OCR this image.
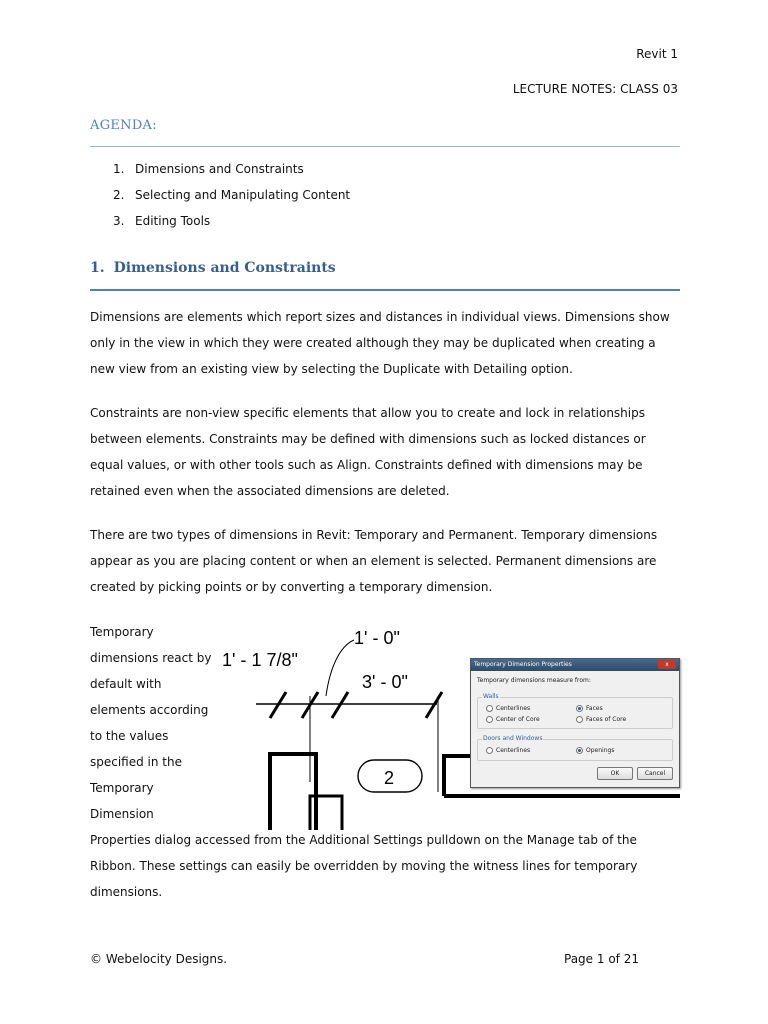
Revit 1
LECTURE NOTES: CLASS 03
AGENDA:
1. Dimensions and Constraints
2. Selecting and Manipulating Content
3. Editing Tools
1. Dimensions and Constraints

Dimensions are elements which report sizes and distances in individual views. Dimensions show only in the view in which they were created although they may be duplicated when creating a new view from an existing view by selecting the Duplicate with Detailing option.

Constraints are non-view specific elements that allow you to create and lock in relationships between elements. Constraints may be defined with dimensions such as locked distances or equal values, or with other tools such as Align. Constraints defined with dimensions may be retained even when the associated dimensions are deleted.

There are two types of dimensions in Revit: Temporary and Permanent. Temporary dimensions appear as you are placing content or when an element is selected. Permanent dimensions are created by picking points or by converting a temporary dimension.

Temporary dimensions react by default with elements according to the values specified in the Temporary Dimension

1' - 1 7/8"
1' - 0"
3' - 0"
2
Temporary Dimension Properties	x
Temporary dimensions measure from:
Walls
Centerlines	Faces
Center of Core	Faces of Core
Doors and Windows
Centerlines	Openings
OK	Cancel

Properties dialog accessed from the Additional Settings pulldown on the Manage tab of the Ribbon. These settings can easily be overridden by moving the witness lines for temporary dimensions.

© Webelocity Designs.	Page 1 of 21
